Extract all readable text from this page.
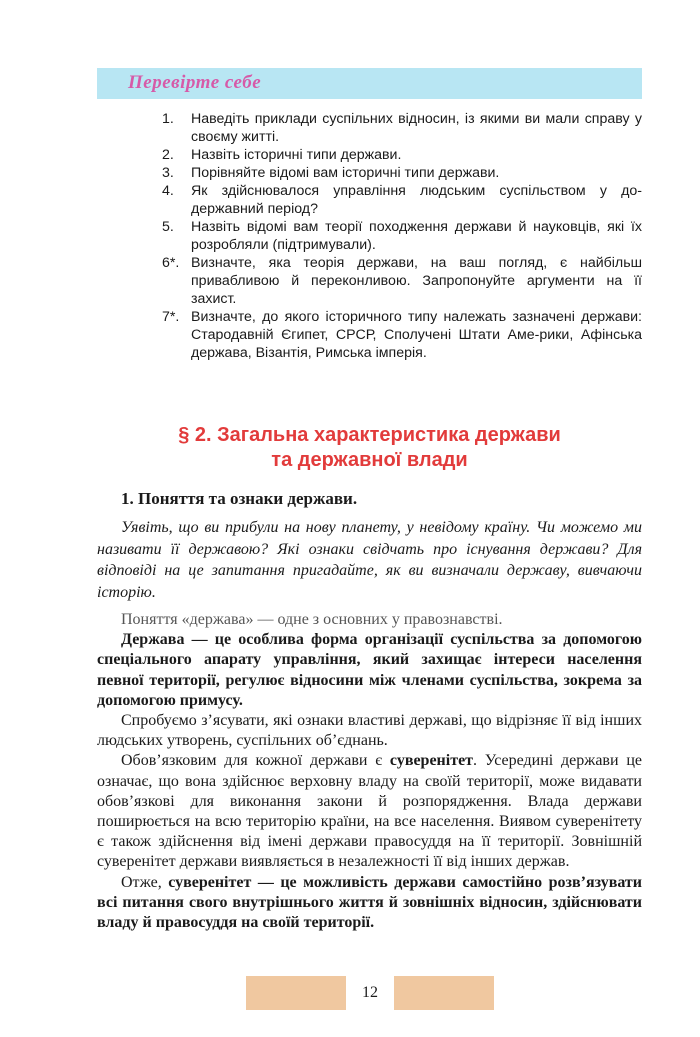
Перевірте себе
1.	Наведіть приклади суспільних відносин, із якими ви мали справу у своєму житті.
2.	Назвіть історичні типи держави.
3.	Порівняйте відомі вам історичні типи держави.
4.	Як здійснювалося управління людським суспільством у до-державний період?
5.	Назвіть відомі вам теорії походження держави й науковців, які їх розробляли (підтримували).
6*. Визначте, яка теорія держави, на ваш погляд, є найбільш привабливою й переконливою. Запропонуйте аргументи на її захист.
7*. Визначте, до якого історичного типу належать зазначені держави: Стародавній Єгипет, СРСР, Сполучені Штати Аме-рики, Афінська держава, Візантія, Римська імперія.
§ 2. Загальна характеристика держави
та державної влади
1. Поняття та ознаки держави.

Уявіть, що ви прибули на нову планету, у невідому країну. Чи можемо ми називати її державою? Які ознаки свідчать про існування держави? Для відповіді на це запитання пригадайте, як ви визначали державу, вивчаючи історію.

Поняття «держава» — одне з основних у правознавстві.

Держава — це особлива форма організації суспільства за допомогою спеціального апарату управління, який захищає інтереси населення певної території, регулює відносини між членами суспільства, зокрема за допомогою примусу.

Спробуємо з’ясувати, які ознаки властиві державі, що відрізняє її від інших людських утворень, суспільних об’єднань.

Обов’язковим для кожної держави є суверенітет. Усередині держави це означає, що вона здійснює верховну владу на своїй території, може видавати обов’язкові для виконання закони й розпорядження. Влада держави поширюється на всю територію країни, на все населення. Виявом суверенітету є також здійснення від імені держави правосуддя на її території. Зовнішній суверенітет держави виявляється в незалежності її від інших держав.

Отже, суверенітет — це можливість держави самостійно розв’язувати всі питання свого внутрішнього життя й зовнішніх відносин, здійснювати владу й правосуддя на своїй території.

12
